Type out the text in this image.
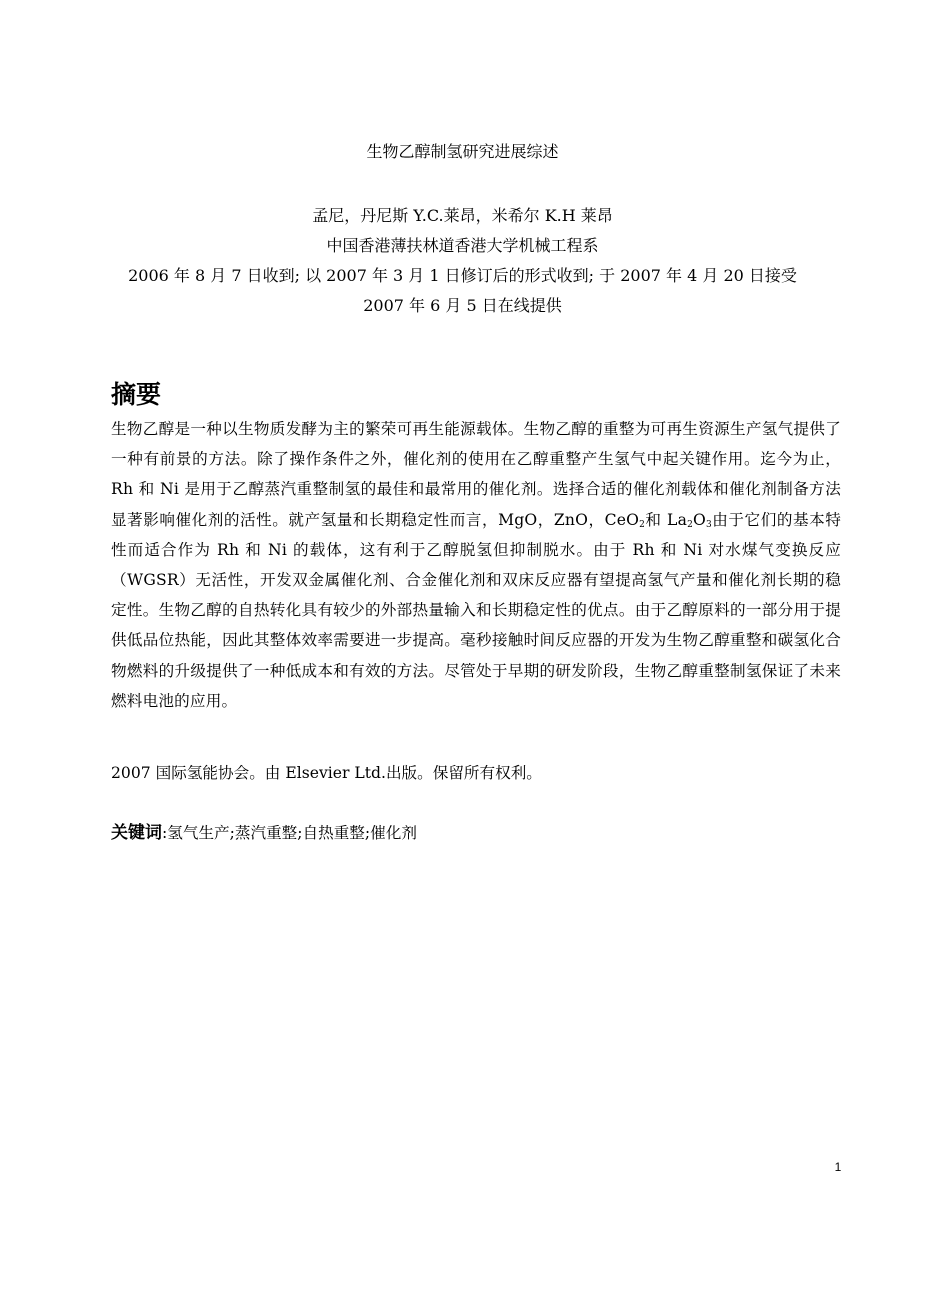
生物乙醇制氢研究进展综述
孟尼，丹尼斯 Y.C.莱昂，米希尔 K.H 莱昂
中国香港薄扶林道香港大学机械工程系
2006 年 8 月 7 日收到; 以 2007 年 3 月 1 日修订后的形式收到; 于 2007 年 4 月 20 日接受
2007 年 6 月 5 日在线提供
摘要
生物乙醇是一种以生物质发酵为主的繁荣可再生能源载体。生物乙醇的重整为可再生资源生产氢气提供了一种有前景的方法。除了操作条件之外，催化剂的使用在乙醇重整产生氢气中起关键作用。迄今为止，Rh 和 Ni 是用于乙醇蒸汽重整制氢的最佳和最常用的催化剂。选择合适的催化剂载体和催化剂制备方法显著影响催化剂的活性。就产氢量和长期稳定性而言，MgO，ZnO，CeO$_2$和 $La_2O_3$由于它们的基本特性而适合作为 Rh 和 Ni 的载体，这有利于乙醇脱氢但抑制脱水。由于 Rh 和 Ni 对水煤气变换反应（WGSR）无活性，开发双金属催化剂、合金催化剂和双床反应器有望提高氢气产量和催化剂长期的稳定性。生物乙醇的自热转化具有较少的外部热量输入和长期稳定性的优点。由于乙醇原料的一部分用于提供低品位热能，因此其整体效率需要进一步提高。毫秒接触时间反应器的开发为生物乙醇重整和碳氢化合物燃料的升级提供了一种低成本和有效的方法。尽管处于早期的研发阶段，生物乙醇重整制氢保证了未来燃料电池的应用。
2007 国际氢能协会。由 Elsevier Ltd.出版。保留所有权利。
关键词:氢气生产;蒸汽重整;自热重整;催化剂
1
